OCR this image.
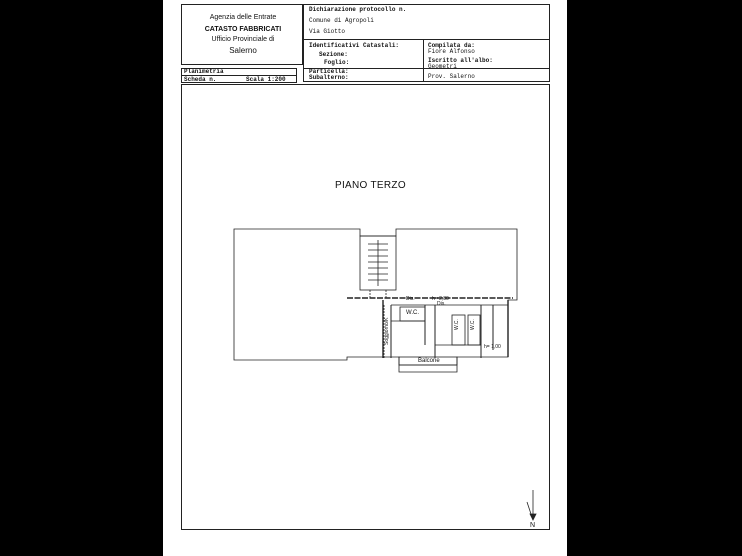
Agenzia delle Entrate
CATASTO FABBRICATI
Ufficio Provinciale di
Salerno
Dichiarazione protocollo n.
Comune di Agropoli
Via Giotto
Identificativi Catastali:
Sezione:
Foglio:
Particella:
Subalterno:
Compilata da:
Fiore Alfonso
Iscritto all'albo:
Geometri
Prov. Salerno
Planimetria
Scheda n.	Scala 1:200
PIANO TERZO
Dis.	h= 2,80
Dis.
W.C.
W.C. W.C.
h= 1,00
Balcone
Soggiorno/K
N
